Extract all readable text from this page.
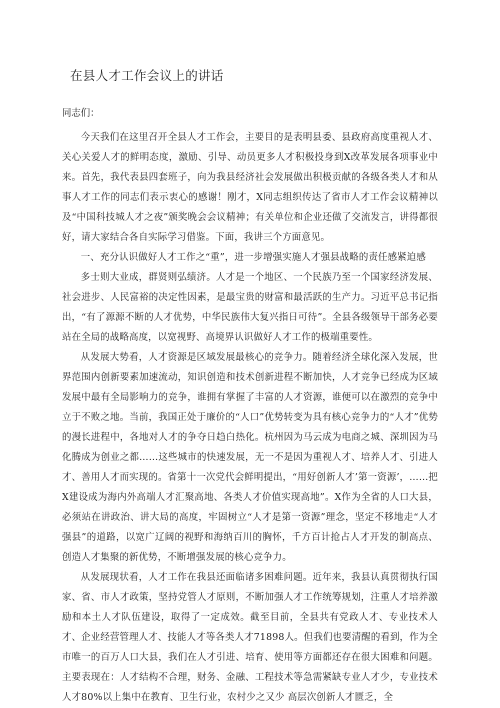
在县人才工作会议上的讲话
同志们：

今天我们在这里召开全县人才工作会，主要目的是表明县委、县政府高度重视人才、关心关爱人才的鲜明态度，激励、引导、动员更多人才积极投身到X改革发展各项事业中来。首先，我代表县四套班子，向为我县经济社会发展做出积极贡献的各级各类人才和从事人才工作的同志们表示衷心的感谢！刚才，X同志组织传达了省市人才工作会议精神以及“中国科技城人才之夜”颁奖晚会会议精神；有关单位和企业还做了交流发言，讲得都很好，请大家结合各自实际学习借鉴。下面，我讲三个方面意见。

一、充分认识做好人才工作之“重”，进一步增强实施人才强县战略的责任感紧迫感

多士则大业成，群贤则弘绩济。人才是一个地区、一个民族乃至一个国家经济发展、社会进步、人民富裕的决定性因素，是最宝贵的财富和最活跃的生产力。习近平总书记指出，“有了源源不断的人才优势，中华民族伟大复兴指日可待”。全县各级领导干部务必要站在全局的战略高度，以宽视野、高境界认识做好人才工作的极端重要性。

从发展大势看，人才资源是区域发展最核心的竞争力。随着经济全球化深入发展，世界范围内创新要素加速流动，知识创造和技术创新进程不断加快，人才竞争已经成为区域发展中最有全局影响力的竞争，谁拥有掌握了丰富的人才资源，谁便可以在激烈的竞争中立于不败之地。当前，我国正处于廉价的“人口”优势转变为具有核心竞争力的“人才”优势的漫长进程中，各地对人才的争夺日趋白热化。杭州因为马云成为电商之城、深圳因为马化腾成为创业之都……这些城市的快速发展，无一不是因为重视人才、培养人才、引进人才、善用人才而实现的。省第十一次党代会鲜明提出，“用好创新人才’第一资源’，……把X建设成为海内外高端人才汇聚高地、各类人才价值实现高地”。X作为全省的人口大县，必须站在讲政治、讲大局的高度，牢固树立“人才是第一资源”理念，坚定不移地走“人才强县”的道路，以宽广辽阔的视野和海纳百川的胸怀，千方百计抢占人才开发的制高点、创造人才集聚的新优势，不断增强发展的核心竞争力。

从发展现状看，人才工作在我县还面临诸多困难问题。近年来，我县认真贯彻执行国家、省、市人才政策，坚持党管人才原则，不断加强人才工作统筹规划，注重人才培养激励和本土人才队伍建设，取得了一定成效。截至目前，全县共有党政人才、专业技术人才、企业经营管理人才、技能人才等各类人才71898人。但我们也要清醒的看到，作为全市唯一的百万人口大县，我们在人才引进、培育、使用等方面都还存在很大困难和问题。主要表现在：人才结构不合理，财务、金融、工程技术等急需紧缺专业人才少，专业技术人才80%以上集中在教育、卫生行业，农村少之又少 高层次创新人才匮乏，全
